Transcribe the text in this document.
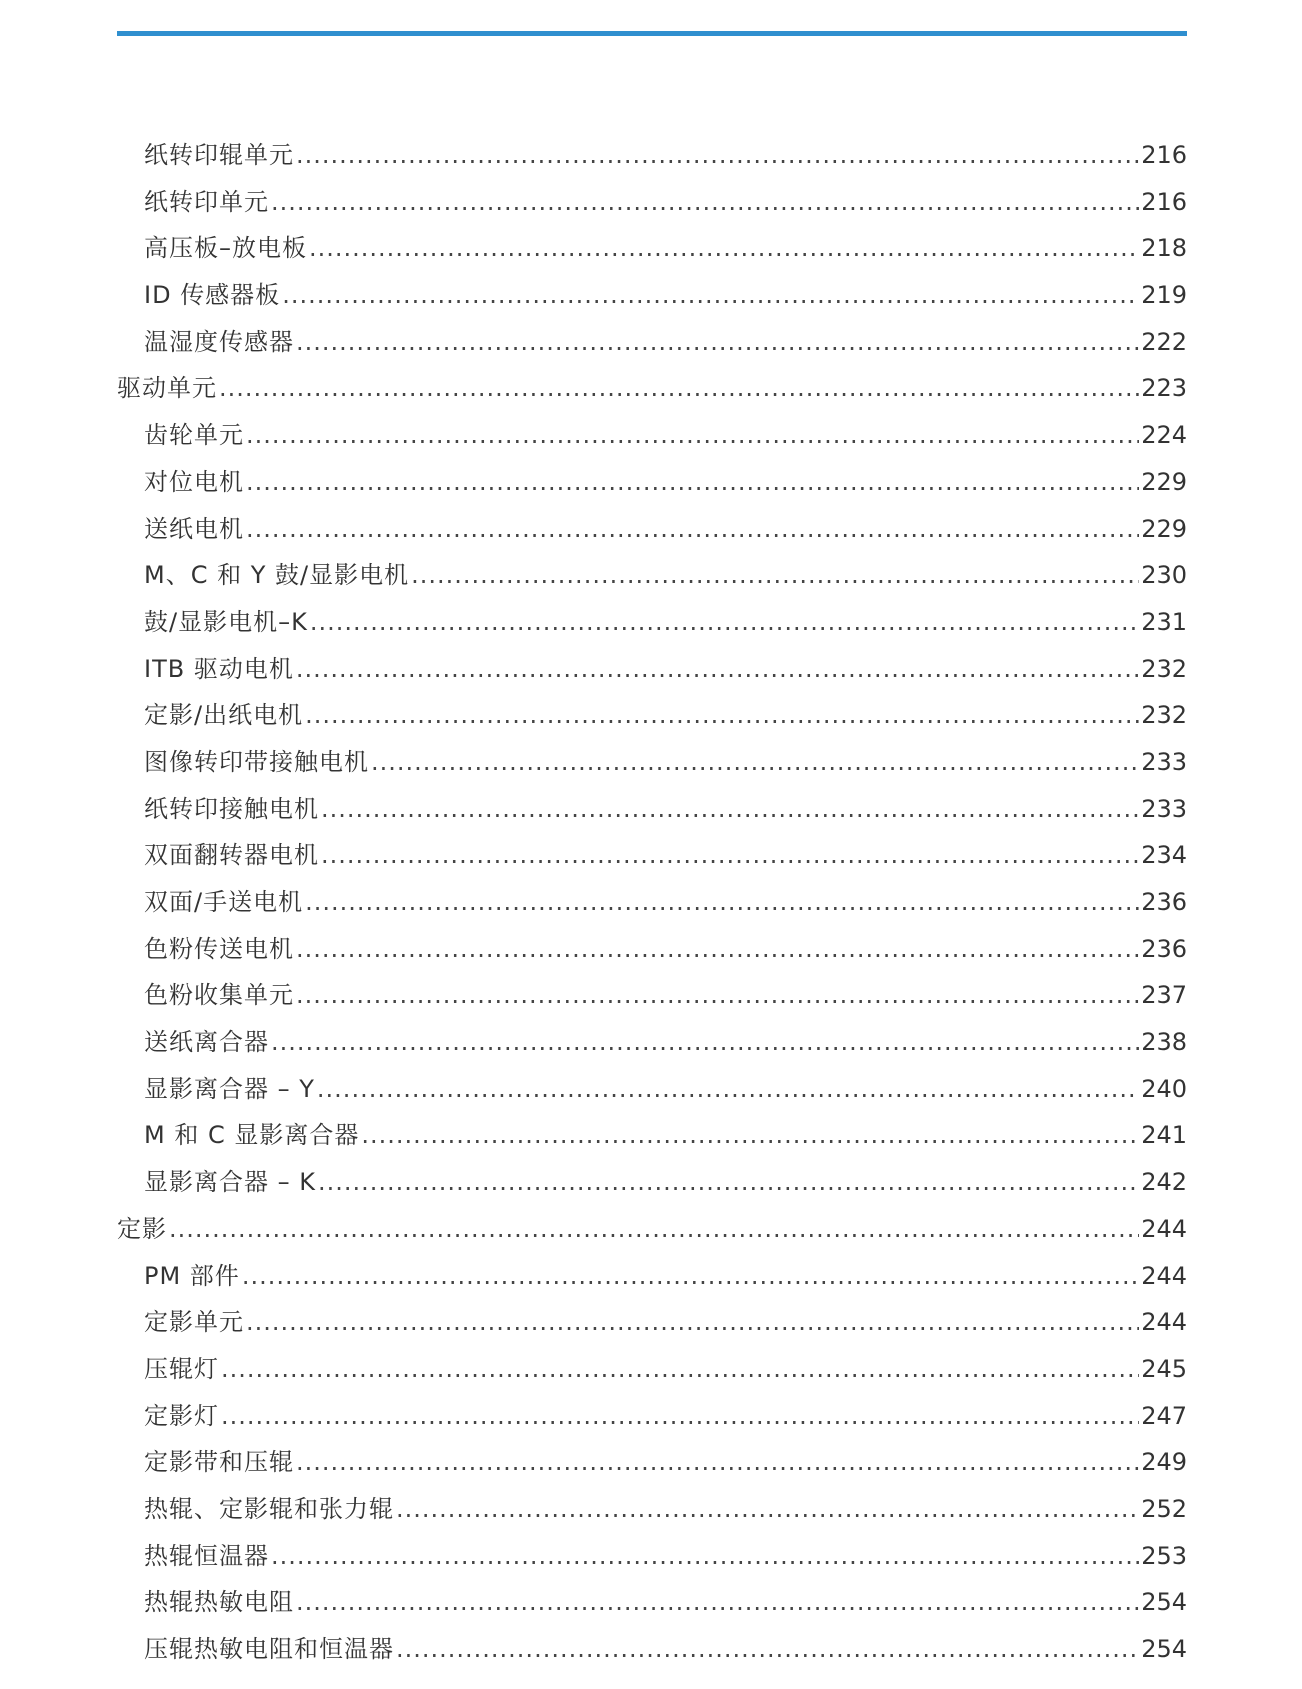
纸转印辊单元 .....	216
纸转印单元 .....	216
高压板–放电板 .....	218
ID 传感器板 .....	219
温湿度传感器 .....	222
驱动单元 .....	223
齿轮单元 .....	224
对位电机 .....	229
送纸电机 .....	229
M、C 和 Y 鼓/显影电机 .....	230
鼓/显影电机–K .....	231
ITB 驱动电机 .....	232
定影/出纸电机 .....	232
图像转印带接触电机 .....	233
纸转印接触电机 .....	233
双面翻转器电机 .....	234
双面/手送电机 .....	236
色粉传送电机 .....	236
色粉收集单元 .....	237
送纸离合器 .....	238
显影离合器 – Y .....	240
M 和 C 显影离合器 .....	241
显影离合器 – K .....	242
定影 .....	244
PM 部件 .....	244
定影单元 .....	244
压辊灯 .....	245
定影灯 .....	247
定影带和压辊 .....	249
热辊、定影辊和张力辊 .....	252
热辊恒温器 .....	253
热辊热敏电阻 .....	254
压辊热敏电阻和恒温器 .....	254
